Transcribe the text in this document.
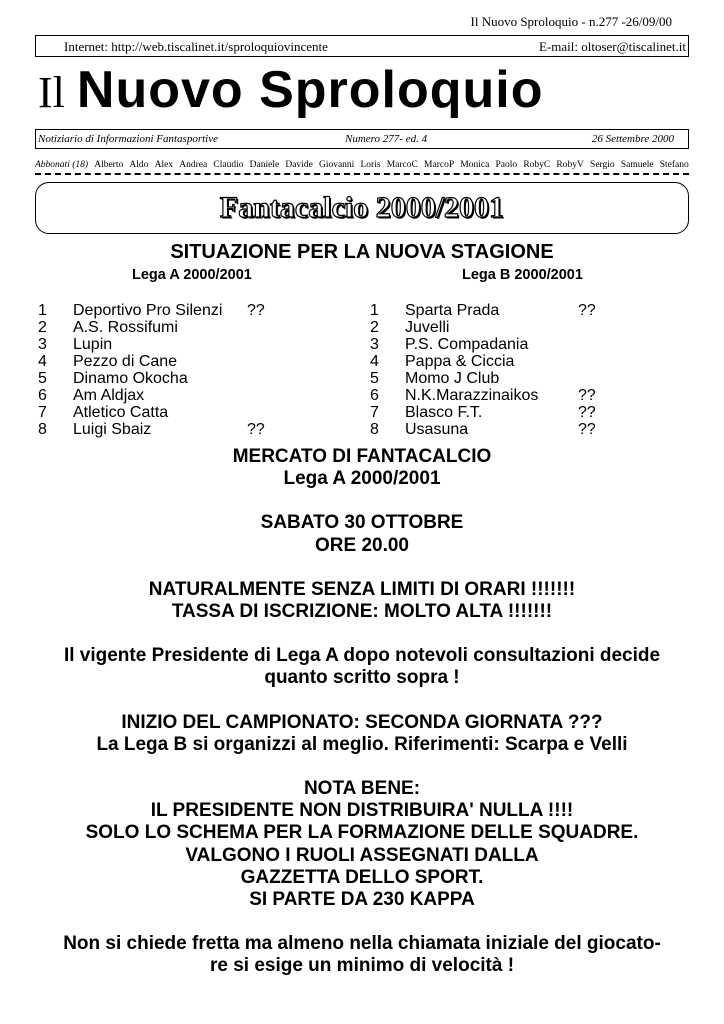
Il Nuovo Sproloquio - n.277 -26/09/00
Internet: http://web.tiscalinet.it/sproloquiovincente	E-mail: oltoser@tiscalinet.it
Il Nuovo Sproloquio
Notiziario di Informazioni Fantasportive	Numero 277- ed. 4	26 Settembre 2000
Abbonati (18) Alberto Aldo Alex Andrea Claudio Daniele Davide Giovanni Loris MarcoC MarcoP Monica Paolo RobyC RobyV Sergio Samuele Stefano
Fantacalcio 2000/2001
SITUAZIONE PER LA NUOVA STAGIONE
Lega A 2000/2001	Lega B 2000/2001
1 Deportivo Pro Silenzi ??
2 A.S. Rossifumi
3 Lupin
4 Pezzo di Cane
5 Dinamo Okocha
6 Am Aldjax
7 Atletico Catta
8 Luigi Sbaiz	??
1 Sparta Prada	??
2 Juvelli
3 P.S. Compadania
4 Pappa & Ciccia
5 Momo J Club
6 N.K.Marazzinaikos ??
7 Blasco F.T.	??
8 Usasuna	??
MERCATO DI FANTACALCIO
Lega A 2000/2001
SABATO 30 OTTOBRE
ORE 20.00
NATURALMENTE SENZA LIMITI DI ORARI !!!!!!!
TASSA DI ISCRIZIONE: MOLTO ALTA !!!!!!!
Il vigente Presidente di Lega A dopo notevoli consultazioni decide
quanto scritto sopra !
INIZIO DEL CAMPIONATO: SECONDA GIORNATA ???
La Lega B si organizzi al meglio. Riferimenti: Scarpa e Velli
NOTA BENE:
IL PRESIDENTE NON DISTRIBUIRA' NULLA !!!!
SOLO LO SCHEMA PER LA FORMAZIONE DELLE SQUADRE.
VALGONO I RUOLI ASSEGNATI DALLA
GAZZETTA DELLO SPORT.
SI PARTE DA 230 KAPPA
Non si chiede fretta ma almeno nella chiamata iniziale del giocato-
re si esige un minimo di velocità !
